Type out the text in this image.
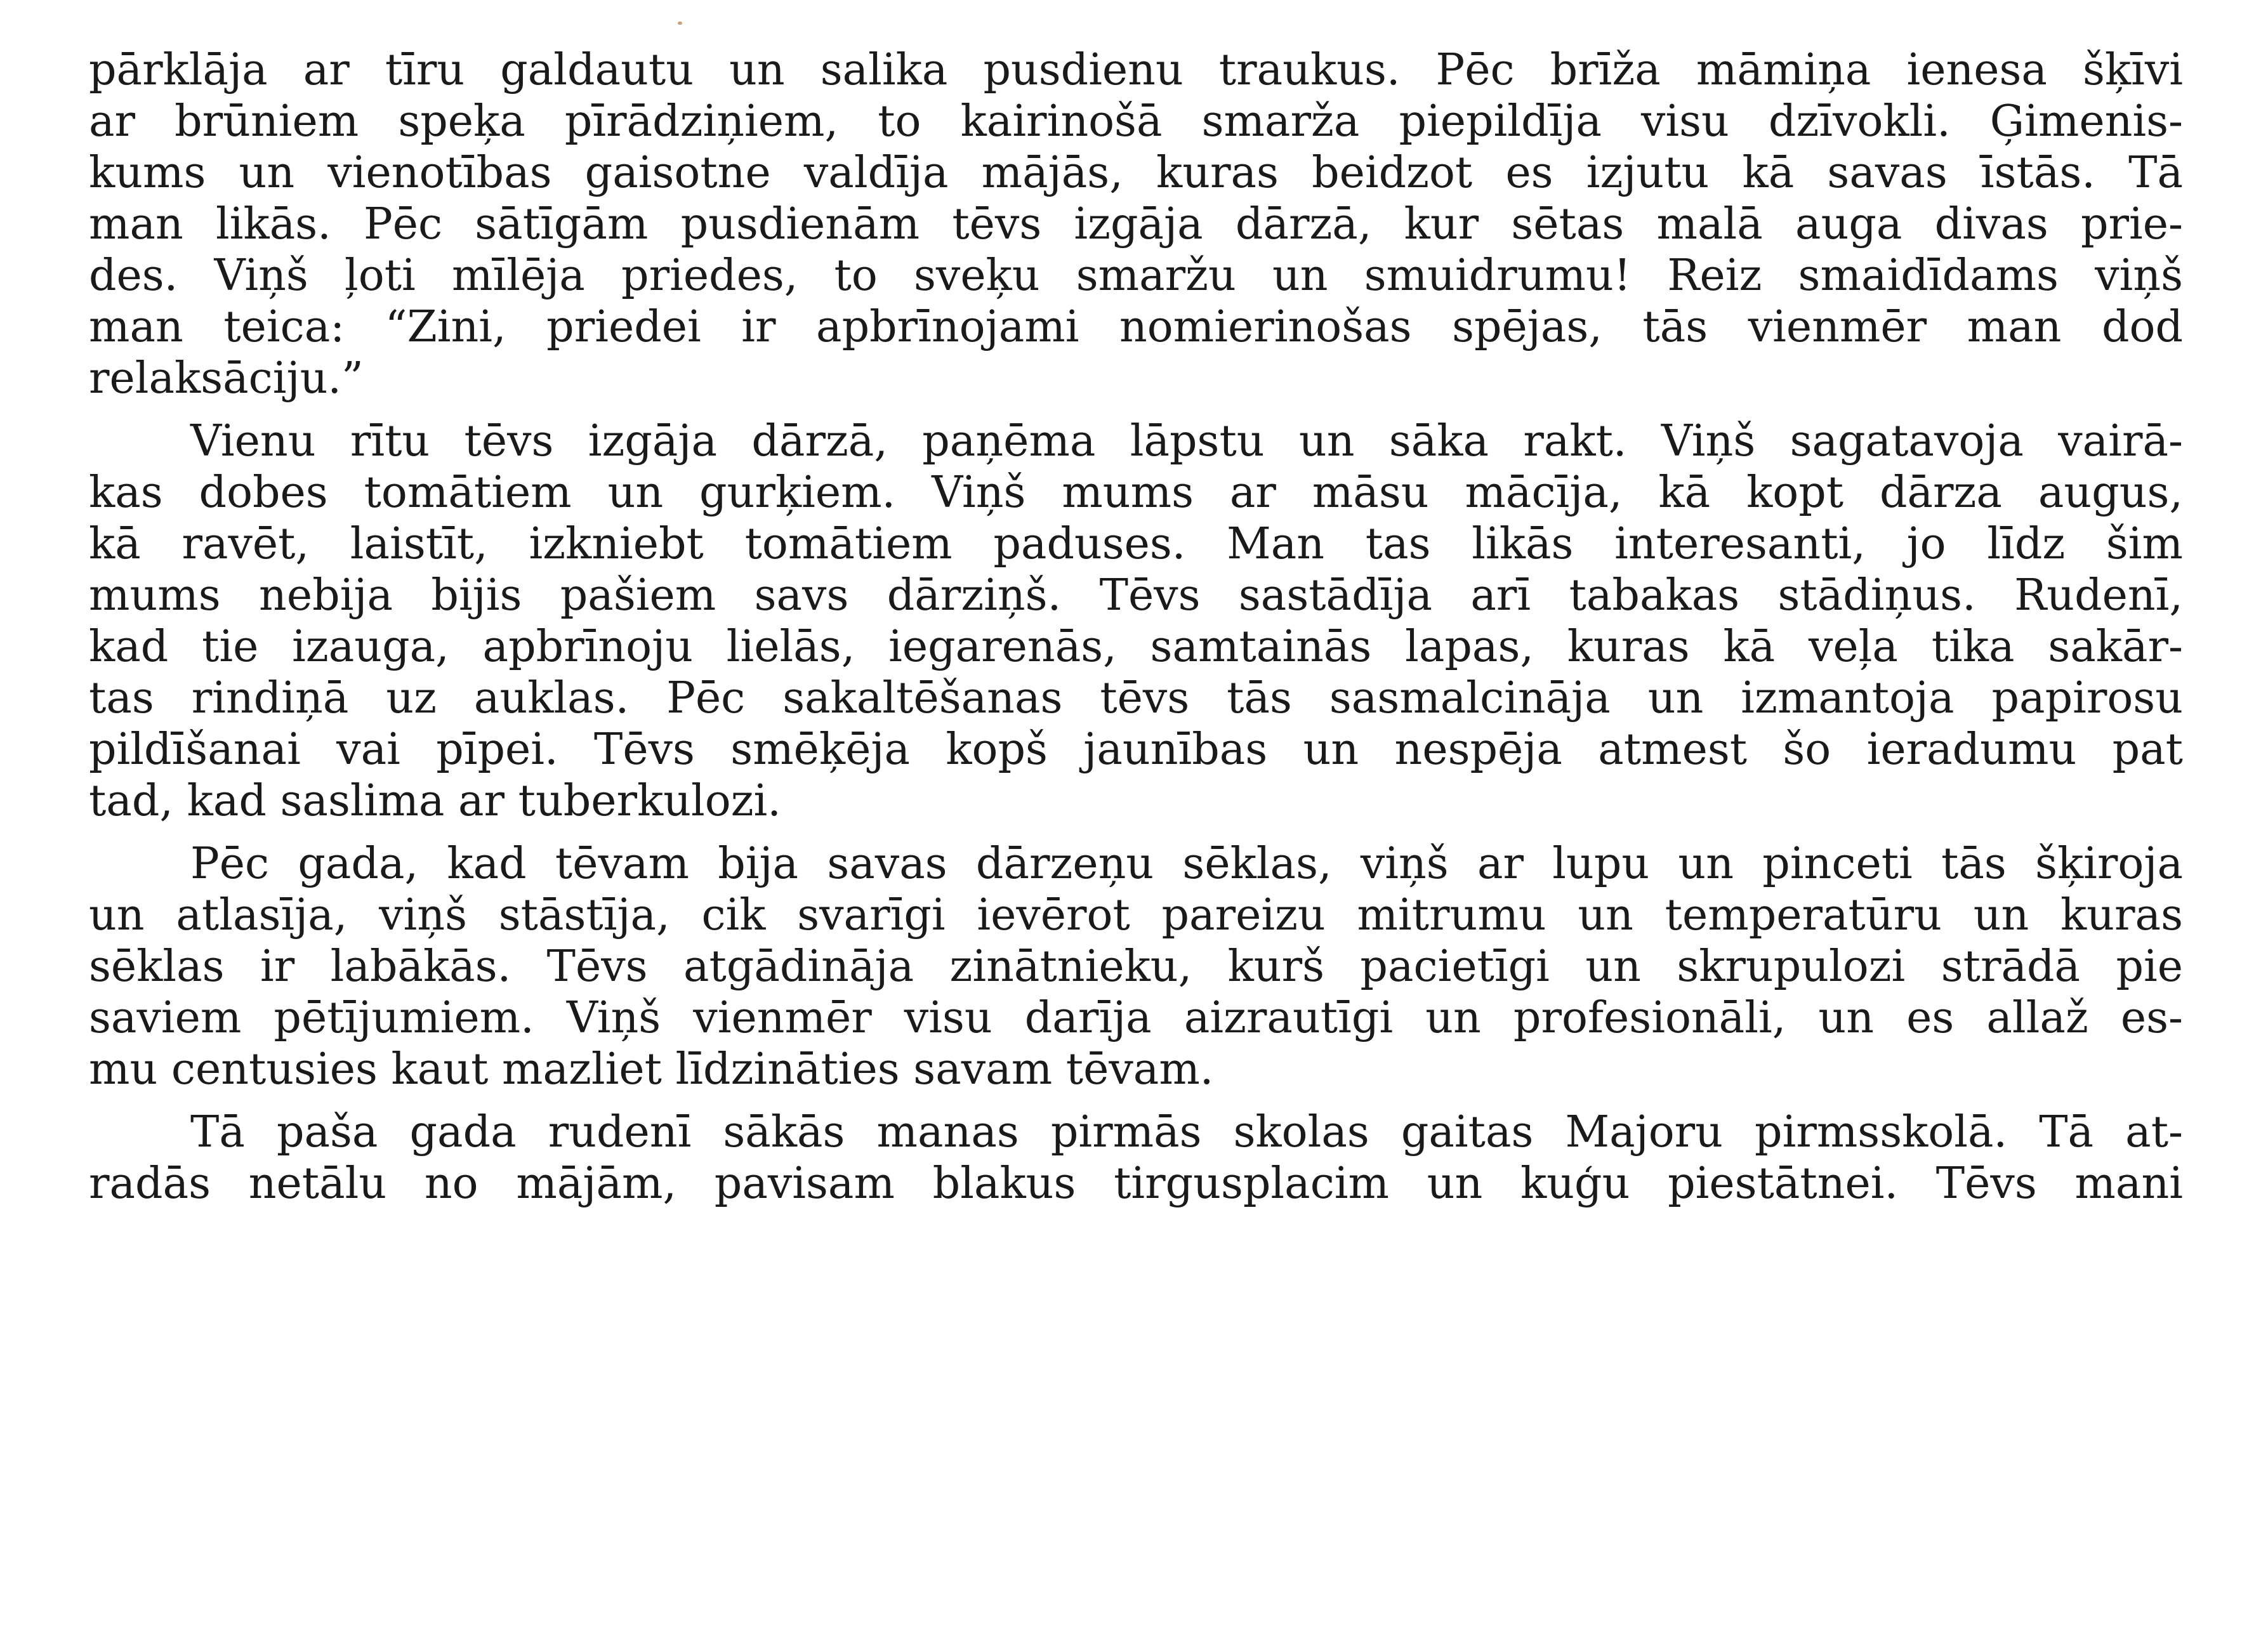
pārklāja ar tīru galdautu un salika pusdienu traukus. Pēc brīža māmiņa ienesa šķīvi
ar brūniem speķa pīrādziņiem, to kairinošā smarža piepildīja visu dzīvokli. Ģimenis-
kums un vienotības gaisotne valdīja mājās, kuras beidzot es izjutu kā savas īstās. Tā
man likās. Pēc sātīgām pusdienām tēvs izgāja dārzā, kur sētas malā auga divas prie-
des. Viņš ļoti mīlēja priedes, to sveķu smaržu un smuidrumu! Reiz smaidīdams viņš
man teica: “Zini, priedei ir apbrīnojami nomierinošas spējas, tās vienmēr man dod
relaksāciju.”
Vienu rītu tēvs izgāja dārzā, paņēma lāpstu un sāka rakt. Viņš sagatavoja vairā-
kas dobes tomātiem un gurķiem. Viņš mums ar māsu mācīja, kā kopt dārza augus,
kā ravēt, laistīt, izkniebt tomātiem paduses. Man tas likās interesanti, jo līdz šim
mums nebija bijis pašiem savs dārziņš. Tēvs sastādīja arī tabakas stādiņus. Rudenī,
kad tie izauga, apbrīnoju lielās, iegarenās, samtainās lapas, kuras kā veļa tika sakār-
tas rindiņā uz auklas. Pēc sakaltēšanas tēvs tās sasmalcināja un izmantoja papirosu
pildīšanai vai pīpei. Tēvs smēķēja kopš jaunības un nespēja atmest šo ieradumu pat
tad, kad saslima ar tuberkulozi.
Pēc gada, kad tēvam bija savas dārzeņu sēklas, viņš ar lupu un pinceti tās šķiroja
un atlasīja, viņš stāstīja, cik svarīgi ievērot pareizu mitrumu un temperatūru un kuras
sēklas ir labākās. Tēvs atgādināja zinātnieku, kurš pacietīgi un skrupulozi strādā pie
saviem pētījumiem. Viņš vienmēr visu darīja aizrautīgi un profesionāli, un es allaž es-
mu centusies kaut mazliet līdzināties savam tēvam.
Tā paša gada rudenī sākās manas pirmās skolas gaitas Majoru pirmsskolā. Tā at-
radās netālu no mājām, pavisam blakus tirgusplacim un kuģu piestātnei. Tēvs mani
